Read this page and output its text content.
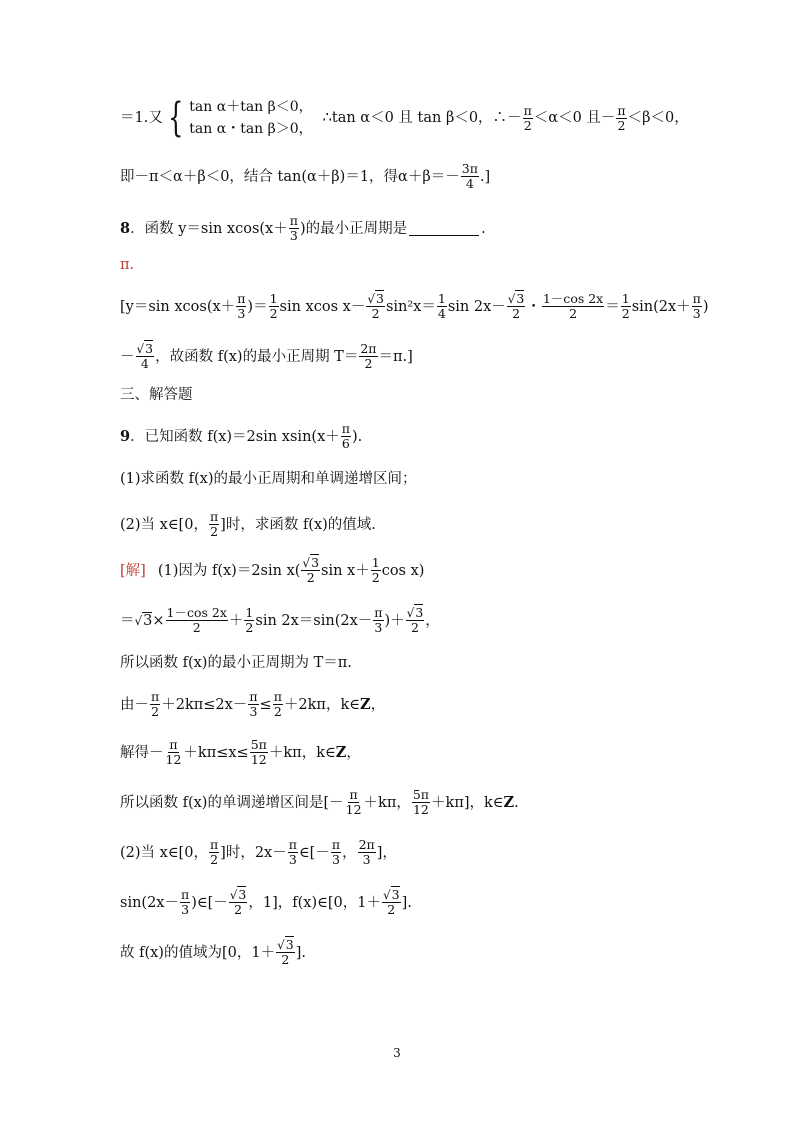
＝1.又 { tan α＋tan β＜0，
tan α・tan β＞0，
∴tan α＜0 且 tan β＜0，∴－ $\frac{\pi}{2} <\alpha<0$ 且－ $\frac{\pi}{2} <\beta<0$，
即－π＜α＋β＜0，结合 tan(α＋β)＝1，得$\alpha+\beta=- \frac{3\pi}{4}$ .]
8 ．函数 y＝sin $xcos(x+ \frac{\pi}{3}$ )的最小正周期是	.
π.
[y＝sin $xcos(x+ \frac{\pi}{3}$ )＝ $\frac{1}{2}$ sin xcos $x- \frac{√3}{2} \sin^2x= \frac{1}{4}$ $\sin 2x- \frac{√3}{2}$ ・ $\frac{1-\cos 2x}{2} = \frac{1}{2} \sin(2x+ \frac{\pi}{3}$ )
－ $\frac{√3}{4}$ ，故函数 f(x)的最小正周期 $T= \frac{2\pi}{2} =\pi$.]
三、解答题
9 ．已知函数 f(x)＝2sin $xsin(x+ \frac{\pi}{6}$ ).
(1)求函数 f(x)的最小正周期和单调递增区间；
(2)当 x∈[0， $\frac{\pi}{2}$ ]时，求函数 f(x)的值域.
[解] (1)因为 f(x)＝2sin $x( \frac{√3}{2}$ $\sin x+ \frac{1}{2}$ cos x)
＝ $√3 \times \frac{1-\cos 2x}{2} + \frac{1}{2}$ $\sin 2x=\sin(2x- \frac{\pi}{3}$ )＋ $\frac{√3}{2}$ ，
所以函数 f(x)的最小正周期为 T＝π.
由－ $\frac{\pi}{2} +2k\pi\le 2x- \frac{\pi}{3} \le \frac{\pi}{2} +2k\pi$，k∈ Z ，
解得－ $\frac{\pi}{12} +k\pi\le x\le \frac{5\pi}{12} +k\pi$，k∈ Z ，
所以函数 f(x)的单调递增区间是[－ $\frac{\pi}{12} +k\pi$， $\frac{5\pi}{12} +k\pi$]，k∈ Z .
(2)当 x∈[0， $\frac{\pi}{2}$ ]时，$2x- \frac{\pi}{3}$ ∈[－ $\frac{\pi}{3}$ ， $\frac{2\pi}{3}$ ]，
$\sin(2x- \frac{\pi}{3}$ )∈[－ $\frac{√3}{2}$ ，1]，f(x)∈[0，$1+ \frac{√3}{2}$ ].
故 f(x)的值域为[0，$1+ \frac{√3}{2}$ ].
3
